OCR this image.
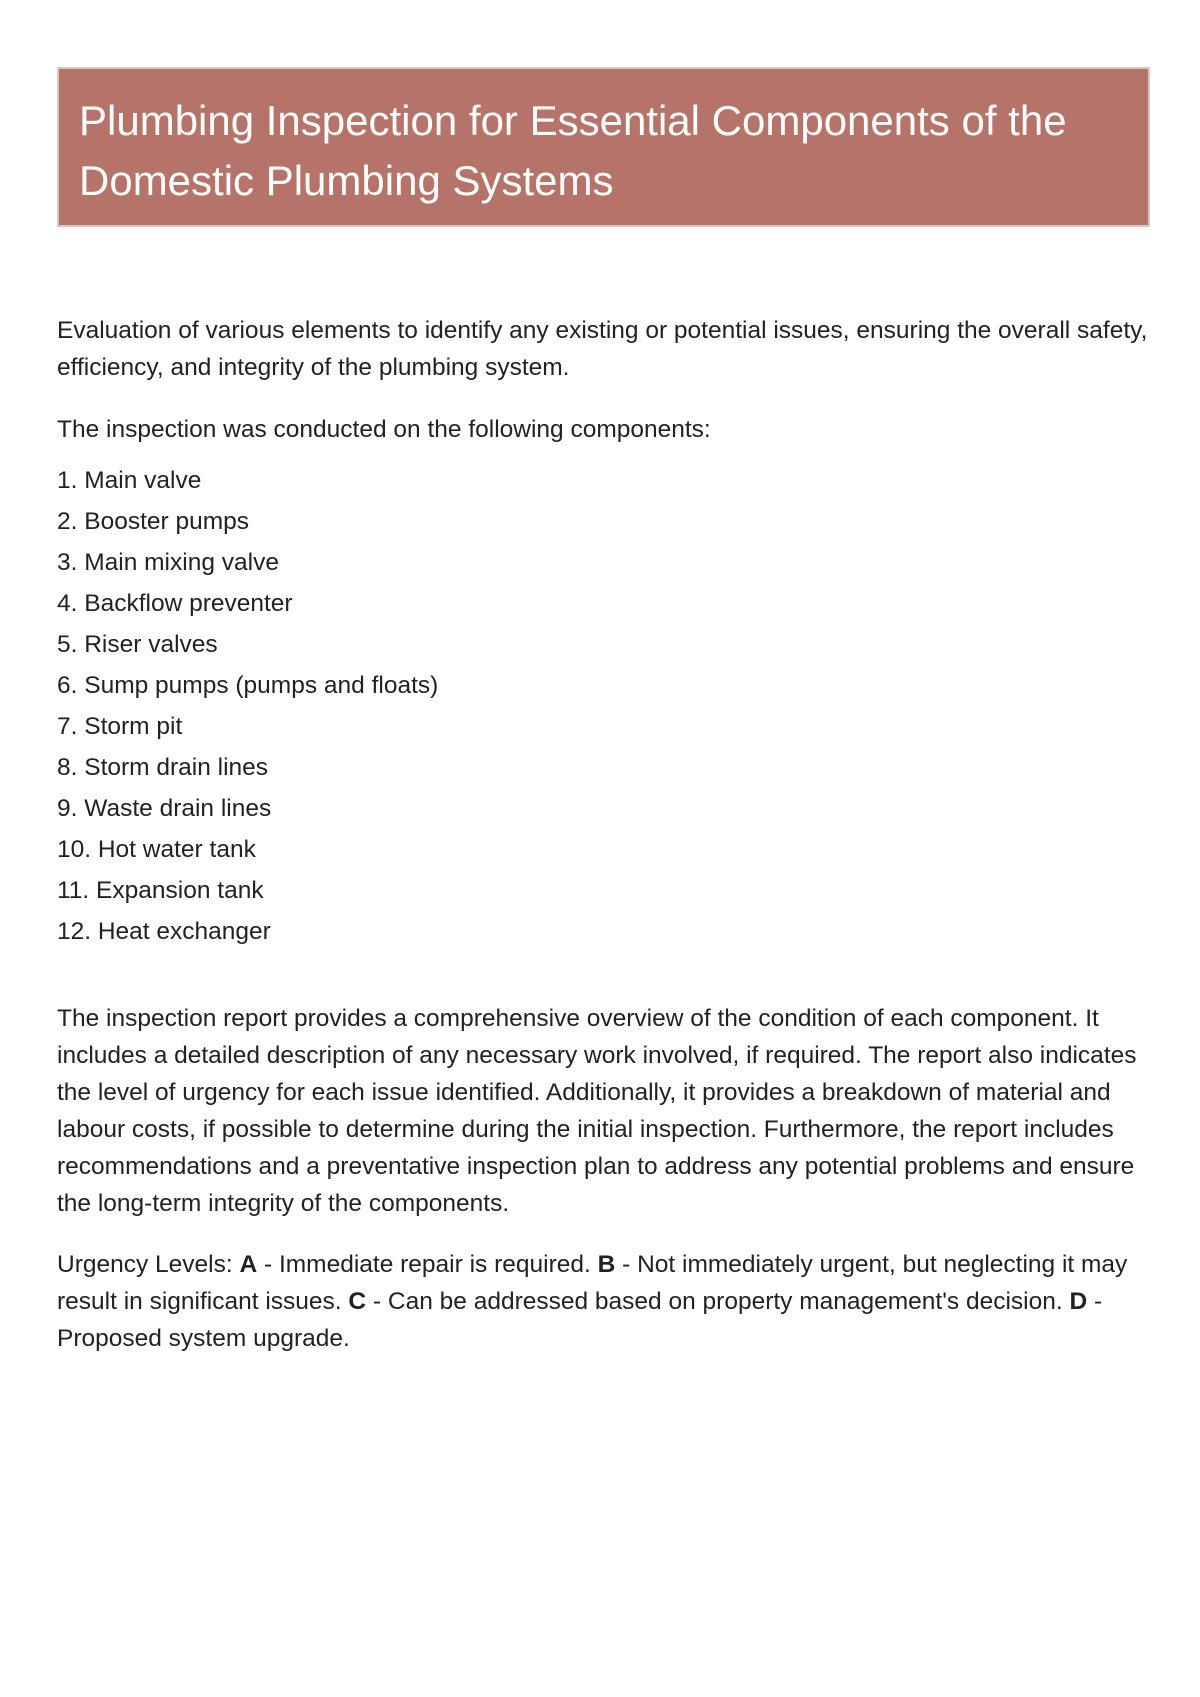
Plumbing Inspection for Essential Components of the Domestic Plumbing Systems

Evaluation of various elements to identify any existing or potential issues, ensuring the overall safety, efficiency, and integrity of the plumbing system.

The inspection was conducted on the following components:

1. Main valve
2. Booster pumps
3. Main mixing valve
4. Backflow preventer
5. Riser valves
6. Sump pumps (pumps and floats)
7. Storm pit
8. Storm drain lines
9. Waste drain lines
10. Hot water tank
11. Expansion tank
12. Heat exchanger

The inspection report provides a comprehensive overview of the condition of each component. It includes a detailed description of any necessary work involved, if required. The report also indicates the level of urgency for each issue identified. Additionally, it provides a breakdown of material and labour costs, if possible to determine during the initial inspection. Furthermore, the report includes recommendations and a preventative inspection plan to address any potential problems and ensure the long-term integrity of the components.

Urgency Levels: A - Immediate repair is required. B - Not immediately urgent, but neglecting it may result in significant issues. C - Can be addressed based on property management's decision. D - Proposed system upgrade.
